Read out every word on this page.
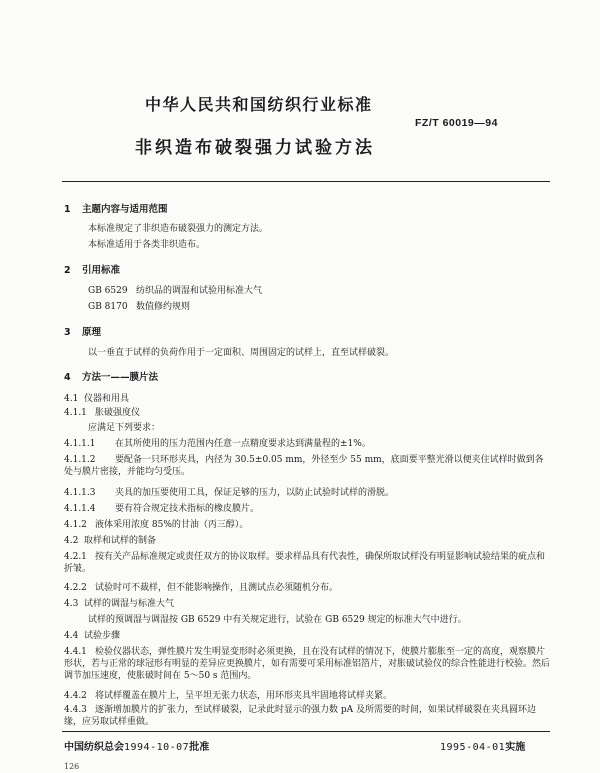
中华人民共和国纺织行业标准
FZ/T 60019—94
非织造布破裂强力试验方法
1 主题内容与适用范围
本标准规定了非织造布破裂强力的测定方法。
本标准适用于各类非织造布。
2 引用标准
GB 6529 纺织品的调湿和试验用标准大气
GB 8170 数值修约规则
3 原理
以一垂直于试样的负荷作用于一定面积、周围固定的试样上，直至试样破裂。
4 方法一——膜片法
4.1 仪器和用具
4.1.1 胀破强度仪
应满足下列要求：
4.1.1.1 在其所使用的压力范围内任意一点精度要求达到满量程的±1%。
4.1.1.2 要配备一只环形夹具，内径为 30.5±0.05 mm，外径至少 55 mm，底面要平整光滑以便夹住试样时做到各处与膜片密接，并能均匀受压。
4.1.1.3 夹具的加压要使用工具，保证足够的压力，以防止试验时试样的滑脱。
4.1.1.4 要有符合规定技术指标的橡皮膜片。
4.1.2 液体采用浓度 85%的甘油（丙三醇）。
4.2 取样和试样的制备
4.2.1 按有关产品标准规定或责任双方的协议取样。要求样品具有代表性，确保所取试样没有明显影响试验结果的疵点和折皱。
4.2.2 试验时可不裁样，但不能影响操作，且测试点必须随机分布。
4.3 试样的调湿与标准大气
试样的预调湿与调湿按 GB 6529 中有关规定进行，试验在 GB 6529 规定的标准大气中进行。
4.4 试验步骤
4.4.1 检验仪器状态，弹性膜片发生明显变形时必须更换，且在没有试样的情况下，使膜片膨胀至一定的高度，观察膜片形状，若与正常的球冠形有明显的差异应更换膜片，如有需要可采用标准铝箔片，对胀破试验仪的综合性能进行校验。然后调节加压速度，使胀破时间在 5～50 s 范围内。
4.4.2 将试样覆盖在膜片上，呈平坦无张力状态，用环形夹具牢固地将试样夹紧。
4.4.3 逐渐增加膜片的扩张力，至试样破裂，记录此时显示的强力数 pA 及所需要的时间，如果试样破裂在夹具圆环边缘，应另取试样重做。
中国纺织总会1994-10-07批准	1995-04-01实施
126
